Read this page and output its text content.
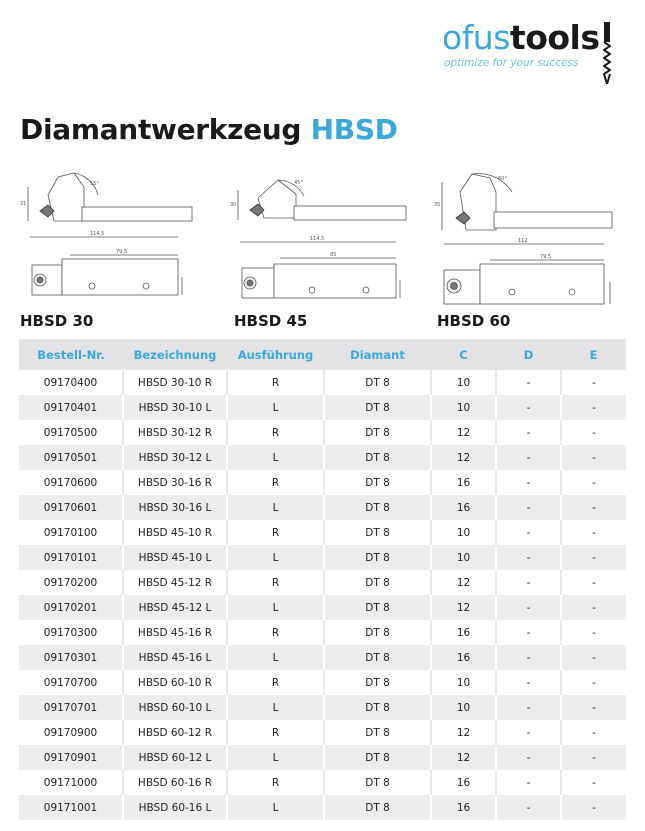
ofustools
optimize for your success
Diamantwerkzeug HBSD
31
15°
114,5
79,5
HBSD 30
30
45°
114,5
85
HBSD 45
35
60°
112
79,5
HBSD 60
Bestell-Nr.	Bezeichnung	Ausführung	Diamant	C	D	E
09170400	HBSD 30-10 R	R	DT 8	10	-	-
09170401	HBSD 30-10 L	L	DT 8	10	-	-
09170500	HBSD 30-12 R	R	DT 8	12	-	-
09170501	HBSD 30-12 L	L	DT 8	12	-	-
09170600	HBSD 30-16 R	R	DT 8	16	-	-
09170601	HBSD 30-16 L	L	DT 8	16	-	-
09170100	HBSD 45-10 R	R	DT 8	10	-	-
09170101	HBSD 45-10 L	L	DT 8	10	-	-
09170200	HBSD 45-12 R	R	DT 8	12	-	-
09170201	HBSD 45-12 L	L	DT 8	12	-	-
09170300	HBSD 45-16 R	R	DT 8	16	-	-
09170301	HBSD 45-16 L	L	DT 8	16	-	-
09170700	HBSD 60-10 R	R	DT 8	10	-	-
09170701	HBSD 60-10 L	L	DT 8	10	-	-
09170900	HBSD 60-12 R	R	DT 8	12	-	-
09170901	HBSD 60-12 L	L	DT 8	12	-	-
09171000	HBSD 60-16 R	R	DT 8	16	-	-
09171001	HBSD 60-16 L	L	DT 8	16	-	-
